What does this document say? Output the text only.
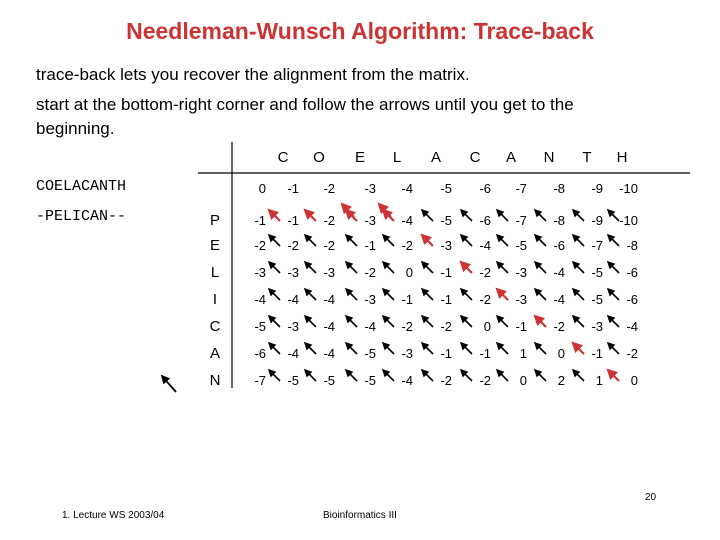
Needleman-Wunsch Algorithm: Trace-back
trace-back lets you recover the alignment from the matrix.
start at the bottom-right corner and follow the arrows until you get to the beginning.
COELACANTH
-PELICAN--
0 -1 -2 -3 -4 -5 -6 -7 -8 -9 -10
-1 -1 -2 -3 -4 -5 -6 -7 -8 -9 -10
-2 -2 -2 -1 -2 -3 -4 -5 -6 -7 -8
-3 -3 -3 -2 0 -1 -2 -3 -4 -5 -6
-4 -4 -4 -3 -1 -1 -2 -3 -4 -5 -6
-5 -3 -4 -4 -2 -2 0 -1 -2 -3 -4
-6 -4 -4 -5 -3 -1 -1 1 0 -1 -2
-7 -5 -5 -5 -4 -2 -2 0 2 1 0
C O E L A C A N T H
P
E
L
I
C
A
N
1. Lecture WS 2003/04	Bioinformatics III
20
